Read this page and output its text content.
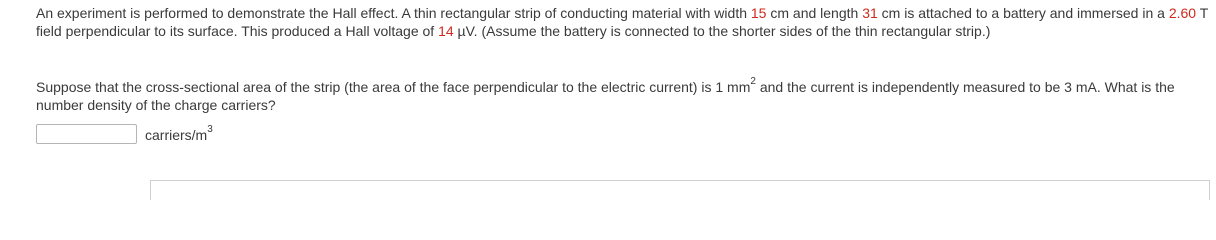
An experiment is performed to demonstrate the Hall effect. A thin rectangular strip of conducting material with width 15 cm and length 31 cm is attached to a battery and immersed in a 2.60 T field perpendicular to its surface. This produced a Hall voltage of 14 µV. (Assume the battery is connected to the shorter sides of the thin rectangular strip.)

Suppose that the cross-sectional area of the strip (the area of the face perpendicular to the electric current) is 1 $mm^2$ and the current is independently measured to be 3 mA. What is the number density of the charge carriers?

carriers/$m^3$
